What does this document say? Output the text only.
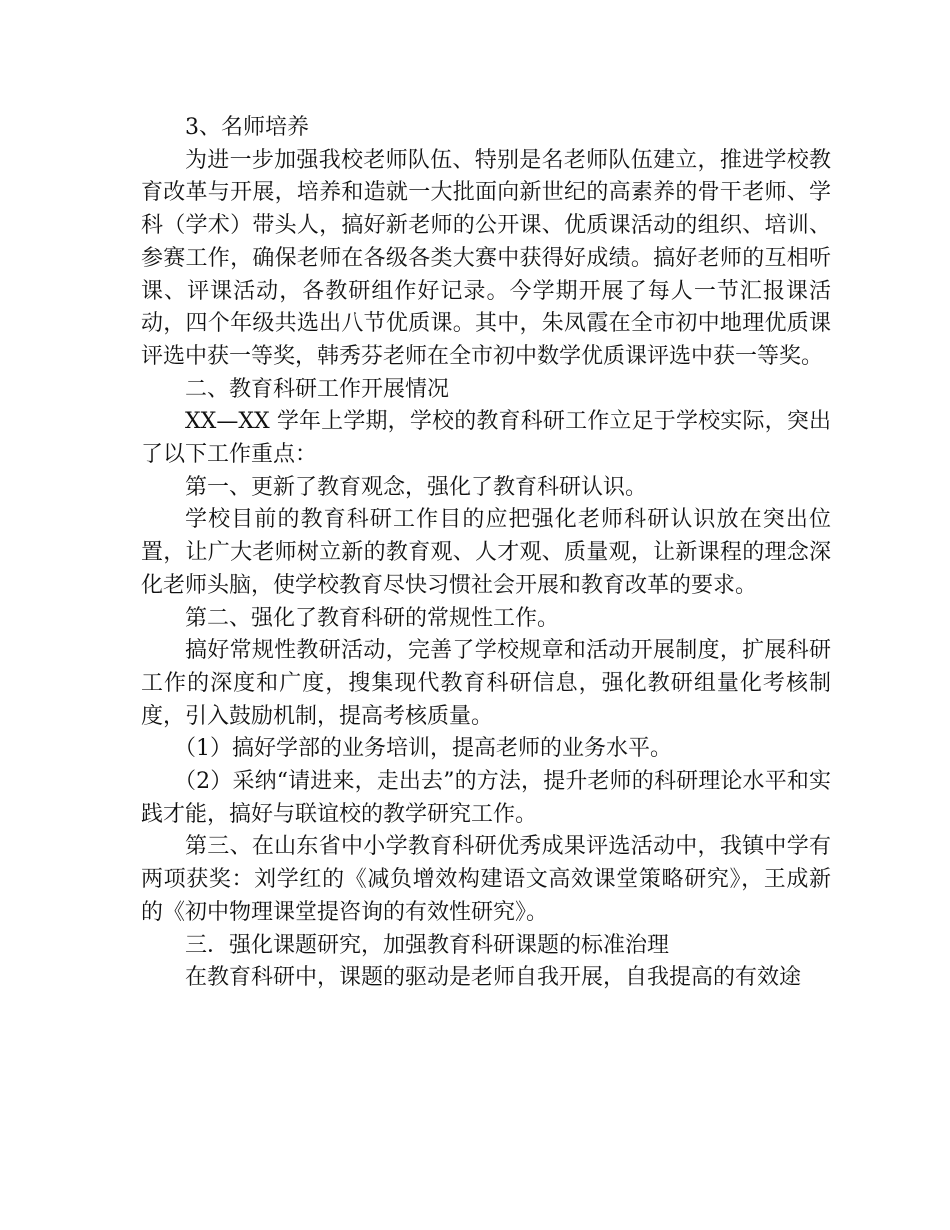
3、名师培养

为进一步加强我校老师队伍、特别是名老师队伍建立，推进学校教育改革与开展，培养和造就一大批面向新世纪的高素养的骨干老师、学科（学术）带头人，搞好新老师的公开课、优质课活动的组织、培训、参赛工作，确保老师在各级各类大赛中获得好成绩。搞好老师的互相听课、评课活动，各教研组作好记录。今学期开展了每人一节汇报课活动，四个年级共选出八节优质课。其中，朱凤霞在全市初中地理优质课评选中获一等奖，韩秀芬老师在全市初中数学优质课评选中获一等奖。

二、教育科研工作开展情况

XX—XX 学年上学期，学校的教育科研工作立足于学校实际，突出了以下工作重点：

第一、更新了教育观念，强化了教育科研认识。

学校目前的教育科研工作目的应把强化老师科研认识放在突出位置，让广大老师树立新的教育观、人才观、质量观，让新课程的理念深化老师头脑，使学校教育尽快习惯社会开展和教育改革的要求。

第二、强化了教育科研的常规性工作。

搞好常规性教研活动，完善了学校规章和活动开展制度，扩展科研工作的深度和广度，搜集现代教育科研信息，强化教研组量化考核制度，引入鼓励机制，提高考核质量。

（1）搞好学部的业务培训，提高老师的业务水平。

（2）采纳“请进来，走出去”的方法，提升老师的科研理论水平和实践才能，搞好与联谊校的教学研究工作。

第三、在山东省中小学教育科研优秀成果评选活动中，我镇中学有两项获奖：刘学红的《减负增效构建语文高效课堂策略研究》，王成新的《初中物理课堂提咨询的有效性研究》。

三．强化课题研究，加强教育科研课题的标准治理

在教育科研中，课题的驱动是老师自我开展，自我提高的有效途
